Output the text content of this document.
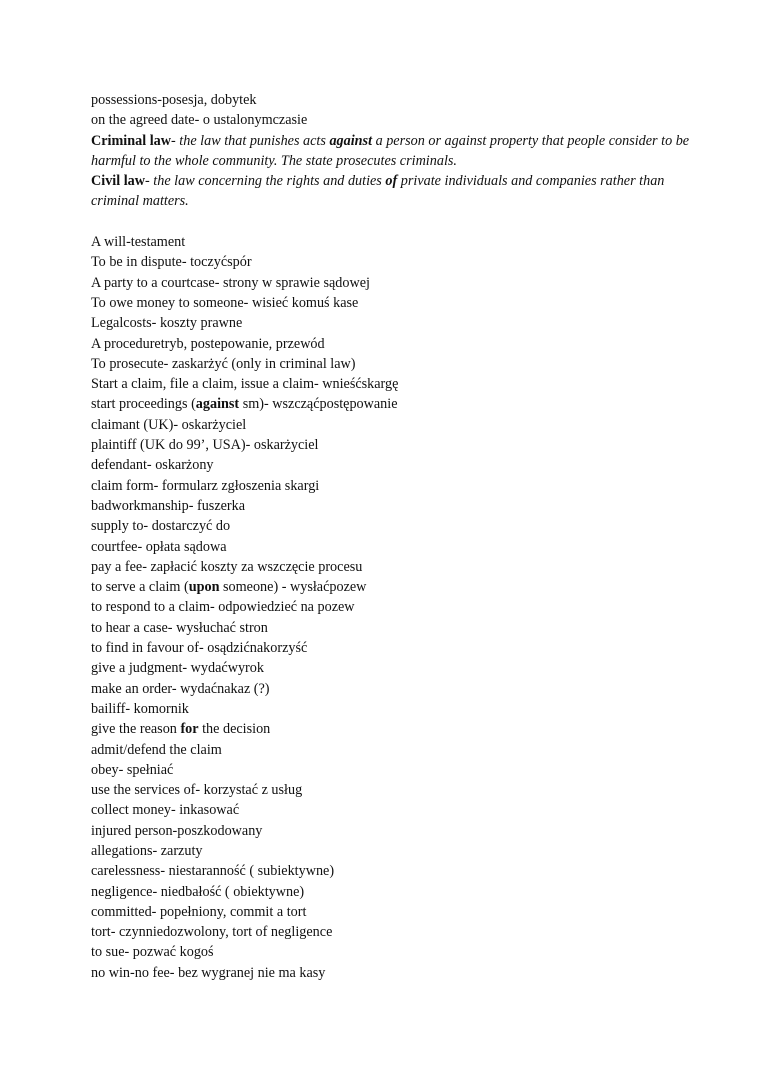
possessions-posesja, dobytek
on the agreed date- o ustalonymczasie
Criminal law- the law that punishes acts against a person or against property that people consider to be harmful to the whole community. The state prosecutes criminals.
Civil law- the law concerning the rights and duties of private individuals and companies rather than criminal matters.
A will-testament
To be in dispute- toczyćspór
A party to a courtcase- strony w sprawie sądowej
To owe money to someone- wisieć komuś kase
Legalcosts- koszty prawne
A proceduretryb, postepowanie, przewód
To prosecute- zaskarżyć (only in criminal law)
Start a claim, file a claim, issue a claim- wnieśćskargę
start proceedings (against sm)- wszcząćpostępowanie
claimant (UK)- oskarżyciel
plaintiff (UK do 99’, USA)- oskarżyciel
defendant- oskarżony
claim form- formularz zgłoszenia skargi
badworkmanship- fuszerka
supply to- dostarczyć do
courtfee- opłata sądowa
pay a fee- zapłacić koszty za wszczęcie procesu
to serve a claim (upon someone) - wysłaćpozew
to respond to a claim- odpowiedzieć na pozew
to hear a case- wysłuchać stron
to find in favour of- osądzićnakorzyść
give a judgment- wydaćwyrok
make an order- wydaćnakaz (?)
bailiff- komornik
give the reason for the decision
admit/defend the claim
obey- spełniać
use the services of- korzystać z usług
collect money- inkasować
injured person-poszkodowany
allegations- zarzuty
carelessness- niestaranność ( subiektywne)
negligence- niedbałość ( obiektywne)
committed- popełniony, commit a tort
tort- czynniedozwolony, tort of negligence
to sue- pozwać kogoś
no win-no fee- bez wygranej nie ma kasy
